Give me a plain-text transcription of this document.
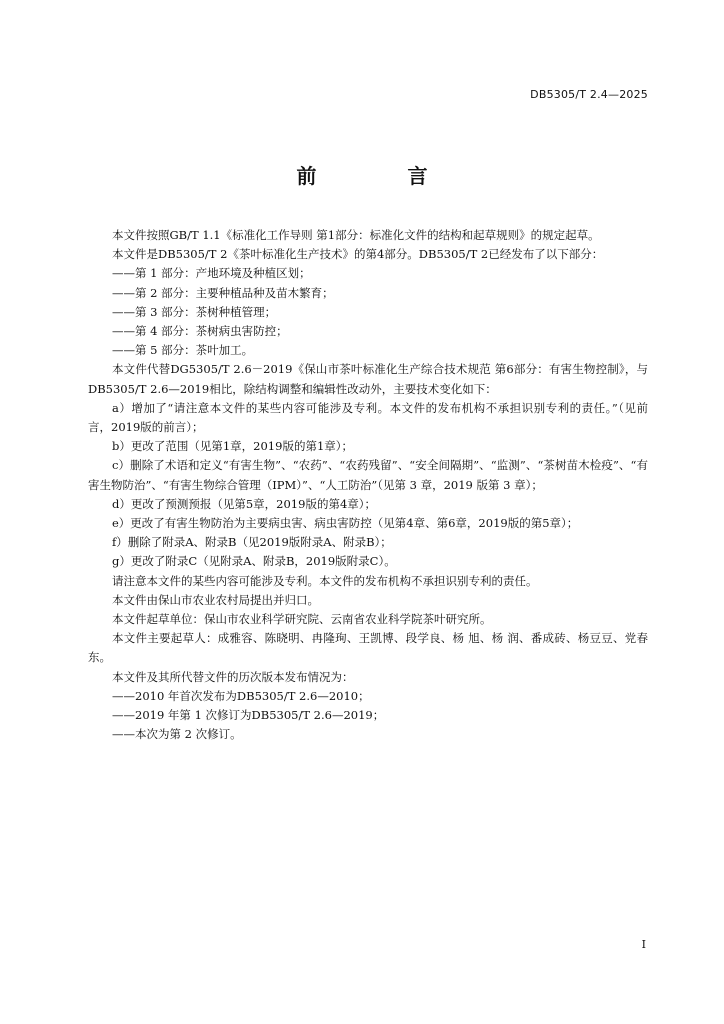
DB5305/T 2.4—2025
前 言

本文件按照GB/T 1.1《标准化工作导则 第1部分：标准化文件的结构和起草规则》的规定起草。

本文件是DB5305/T 2《茶叶标准化生产技术》的第4部分。DB5305/T 2已经发布了以下部分：

——第 1 部分：产地环境及种植区划；

——第 2 部分：主要种植品种及苗木繁育；

——第 3 部分：茶树种植管理；

——第 4 部分：茶树病虫害防控；

——第 5 部分：茶叶加工。

本文件代替DG5305/T 2.6－2019《保山市茶叶标准化生产综合技术规范 第6部分：有害生物控制》，与DB5305/T 2.6—2019相比，除结构调整和编辑性改动外，主要技术变化如下：

a）增加了“请注意本文件的某些内容可能涉及专利。本文件的发布机构不承担识别专利的责任。”（见前言，2019版的前言）；

b）更改了范围（见第1章，2019版的第1章）；

c）删除了术语和定义“有害生物”、“农药”、“农药残留”、“安全间隔期”、“监测”、“茶树苗木检疫”、“有害生物防治”、“有害生物综合管理（IPM）”、“人工防治”（见第 3 章，2019 版第 3 章）；

d）更改了预测预报（见第5章，2019版的第4章）；

e）更改了有害生物防治为主要病虫害、病虫害防控（见第4章、第6章，2019版的第5章）；

f）删除了附录A、附录B（见2019版附录A、附录B）；

g）更改了附录C（见附录A、附录B，2019版附录C）。

请注意本文件的某些内容可能涉及专利。本文件的发布机构不承担识别专利的责任。

本文件由保山市农业农村局提出并归口。

本文件起草单位：保山市农业科学研究院、云南省农业科学院茶叶研究所。

本文件主要起草人：成雅容、陈晓明、冉隆珣、王凯博、段学良、杨 旭、杨 润、番成砖、杨豆豆、党春东。

本文件及其所代替文件的历次版本发布情况为：

——2010 年首次发布为DB5305/T 2.6—2010；

——2019 年第 1 次修订为DB5305/T 2.6—2019；

——本次为第 2 次修订。

I
